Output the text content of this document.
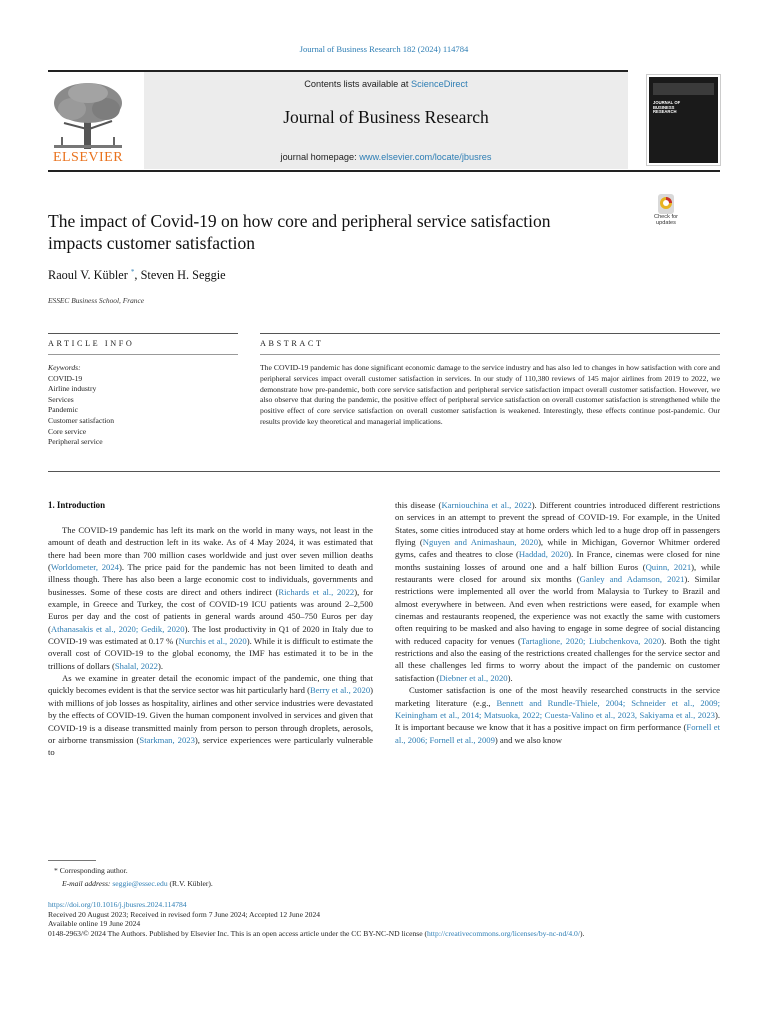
Journal of Business Research 182 (2024) 114784
Contents lists available at ScienceDirect
Journal of Business Research
journal homepage: www.elsevier.com/locate/jbusres
ELSEVIER
JOURNAL OF BUSINESS RESEARCH
The impact of Covid-19 on how core and peripheral service satisfaction
impacts customer satisfaction
Check for
updates
Raoul V. Kübler *, Steven H. Seggie
ESSEC Business School, France
ARTICLE INFO	ABSTRACT
Keywords:
COVID-19
Airline industry
Services
Pandemic
Customer satisfaction
Core service
Peripheral service
The COVID-19 pandemic has done significant economic damage to the service industry and has also led to changes in how satisfaction with core and peripheral services impact overall customer satisfaction in services. In our study of 110,380 reviews of 145 major airlines from 2019 to 2022, we demonstrate how pre-pandemic, both core service satisfaction and peripheral service satisfaction impact overall customer satisfaction. However, we also observe that during the pandemic, the positive effect of peripheral service satisfaction on overall customer satisfaction is strengthened while the positive effect of core service satisfaction on overall customer satisfaction is weakened. Interestingly, these effects continue post-pandemic. Our results provide key theoretical and managerial implications.
1. Introduction

The COVID-19 pandemic has left its mark on the world in many ways, not least in the amount of death and destruction left in its wake. As of 4 May 2024, it was estimated that there had been more than 700 million cases worldwide and just over seven million deaths (Worldometer, 2024). The price paid for the pandemic has not been limited to death and illness though. There has also been a large economic cost to individuals, governments and businesses. Some of these costs are direct and others indirect (Richards et al., 2022), for example, in Greece and Turkey, the cost of COVID-19 ICU patients was around 2–2,500 Euros per day and the cost of patients in general wards around 450–750 Euros per day (Athanasakis et al., 2020; Gedik, 2020). The lost productivity in Q1 of 2020 in Italy due to COVID-19 was estimated at 0.17 % (Nurchis et al., 2020). While it is difficult to estimate the overall cost of COVID-19 to the global economy, the IMF has estimated it to be in the trillions of dollars (Shalal, 2022).

As we examine in greater detail the economic impact of the pandemic, one thing that quickly becomes evident is that the service sector was hit particularly hard (Berry et al., 2020) with millions of job losses as hospitality, airlines and other service industries were devastated by the effects of COVID-19. Given the human component involved in services and given that COVID-19 is a disease transmitted mainly from person to person through droplets, aerosols, or airborne transmission (Starkman, 2023), service experiences were particularly vulnerable to

this disease (Karniouchina et al., 2022). Different countries introduced different restrictions on services in an attempt to prevent the spread of COVID-19. For example, in the United States, some cities introduced stay at home orders which led to a huge drop off in passengers flying (Nguyen and Animashaun, 2020), while in Michigan, Governor Whitmer ordered gyms, cafes and theatres to close (Haddad, 2020). In France, cinemas were closed for nine months sustaining losses of around one and a half billion Euros (Quinn, 2021), while restaurants were closed for around six months (Ganley and Adamson, 2021). Similar restrictions were implemented all over the world from Malaysia to Turkey to Brazil and almost everywhere in between. And even when restrictions were eased, for example when cinemas and restaurants reopened, the experience was not exactly the same with customers often requiring to be masked and also having to engage in some degree of social distancing with reduced capacity for venues (Tartaglione, 2020; Liubchenkova, 2020). Both the tight restrictions and also the easing of the restrictions created challenges for the service sector and all these challenges led firms to worry about the impact of the pandemic on customer satisfaction (Diebner et al., 2020).

Customer satisfaction is one of the most heavily researched constructs in the service marketing literature (e.g., Bennett and Rundle-Thiele, 2004; Schneider et al., 2009; Keiningham et al., 2014; Matsuoka, 2022; Cuesta-Valino et al., 2023, Sakiyama et al., 2023). It is important because we know that it has a positive impact on firm performance (Fornell et al., 2006; Fornell et al., 2009) and we also know

* Corresponding author.
E-mail address: seggie@essec.edu (R.V. Kübler).
https://doi.org/10.1016/j.jbusres.2024.114784
Received 20 August 2023; Received in revised form 7 June 2024; Accepted 12 June 2024
Available online 19 June 2024
0148-2963/© 2024 The Authors. Published by Elsevier Inc. This is an open access article under the CC BY-NC-ND license (http://creativecommons.org/licenses/by-nc-nd/4.0/).
